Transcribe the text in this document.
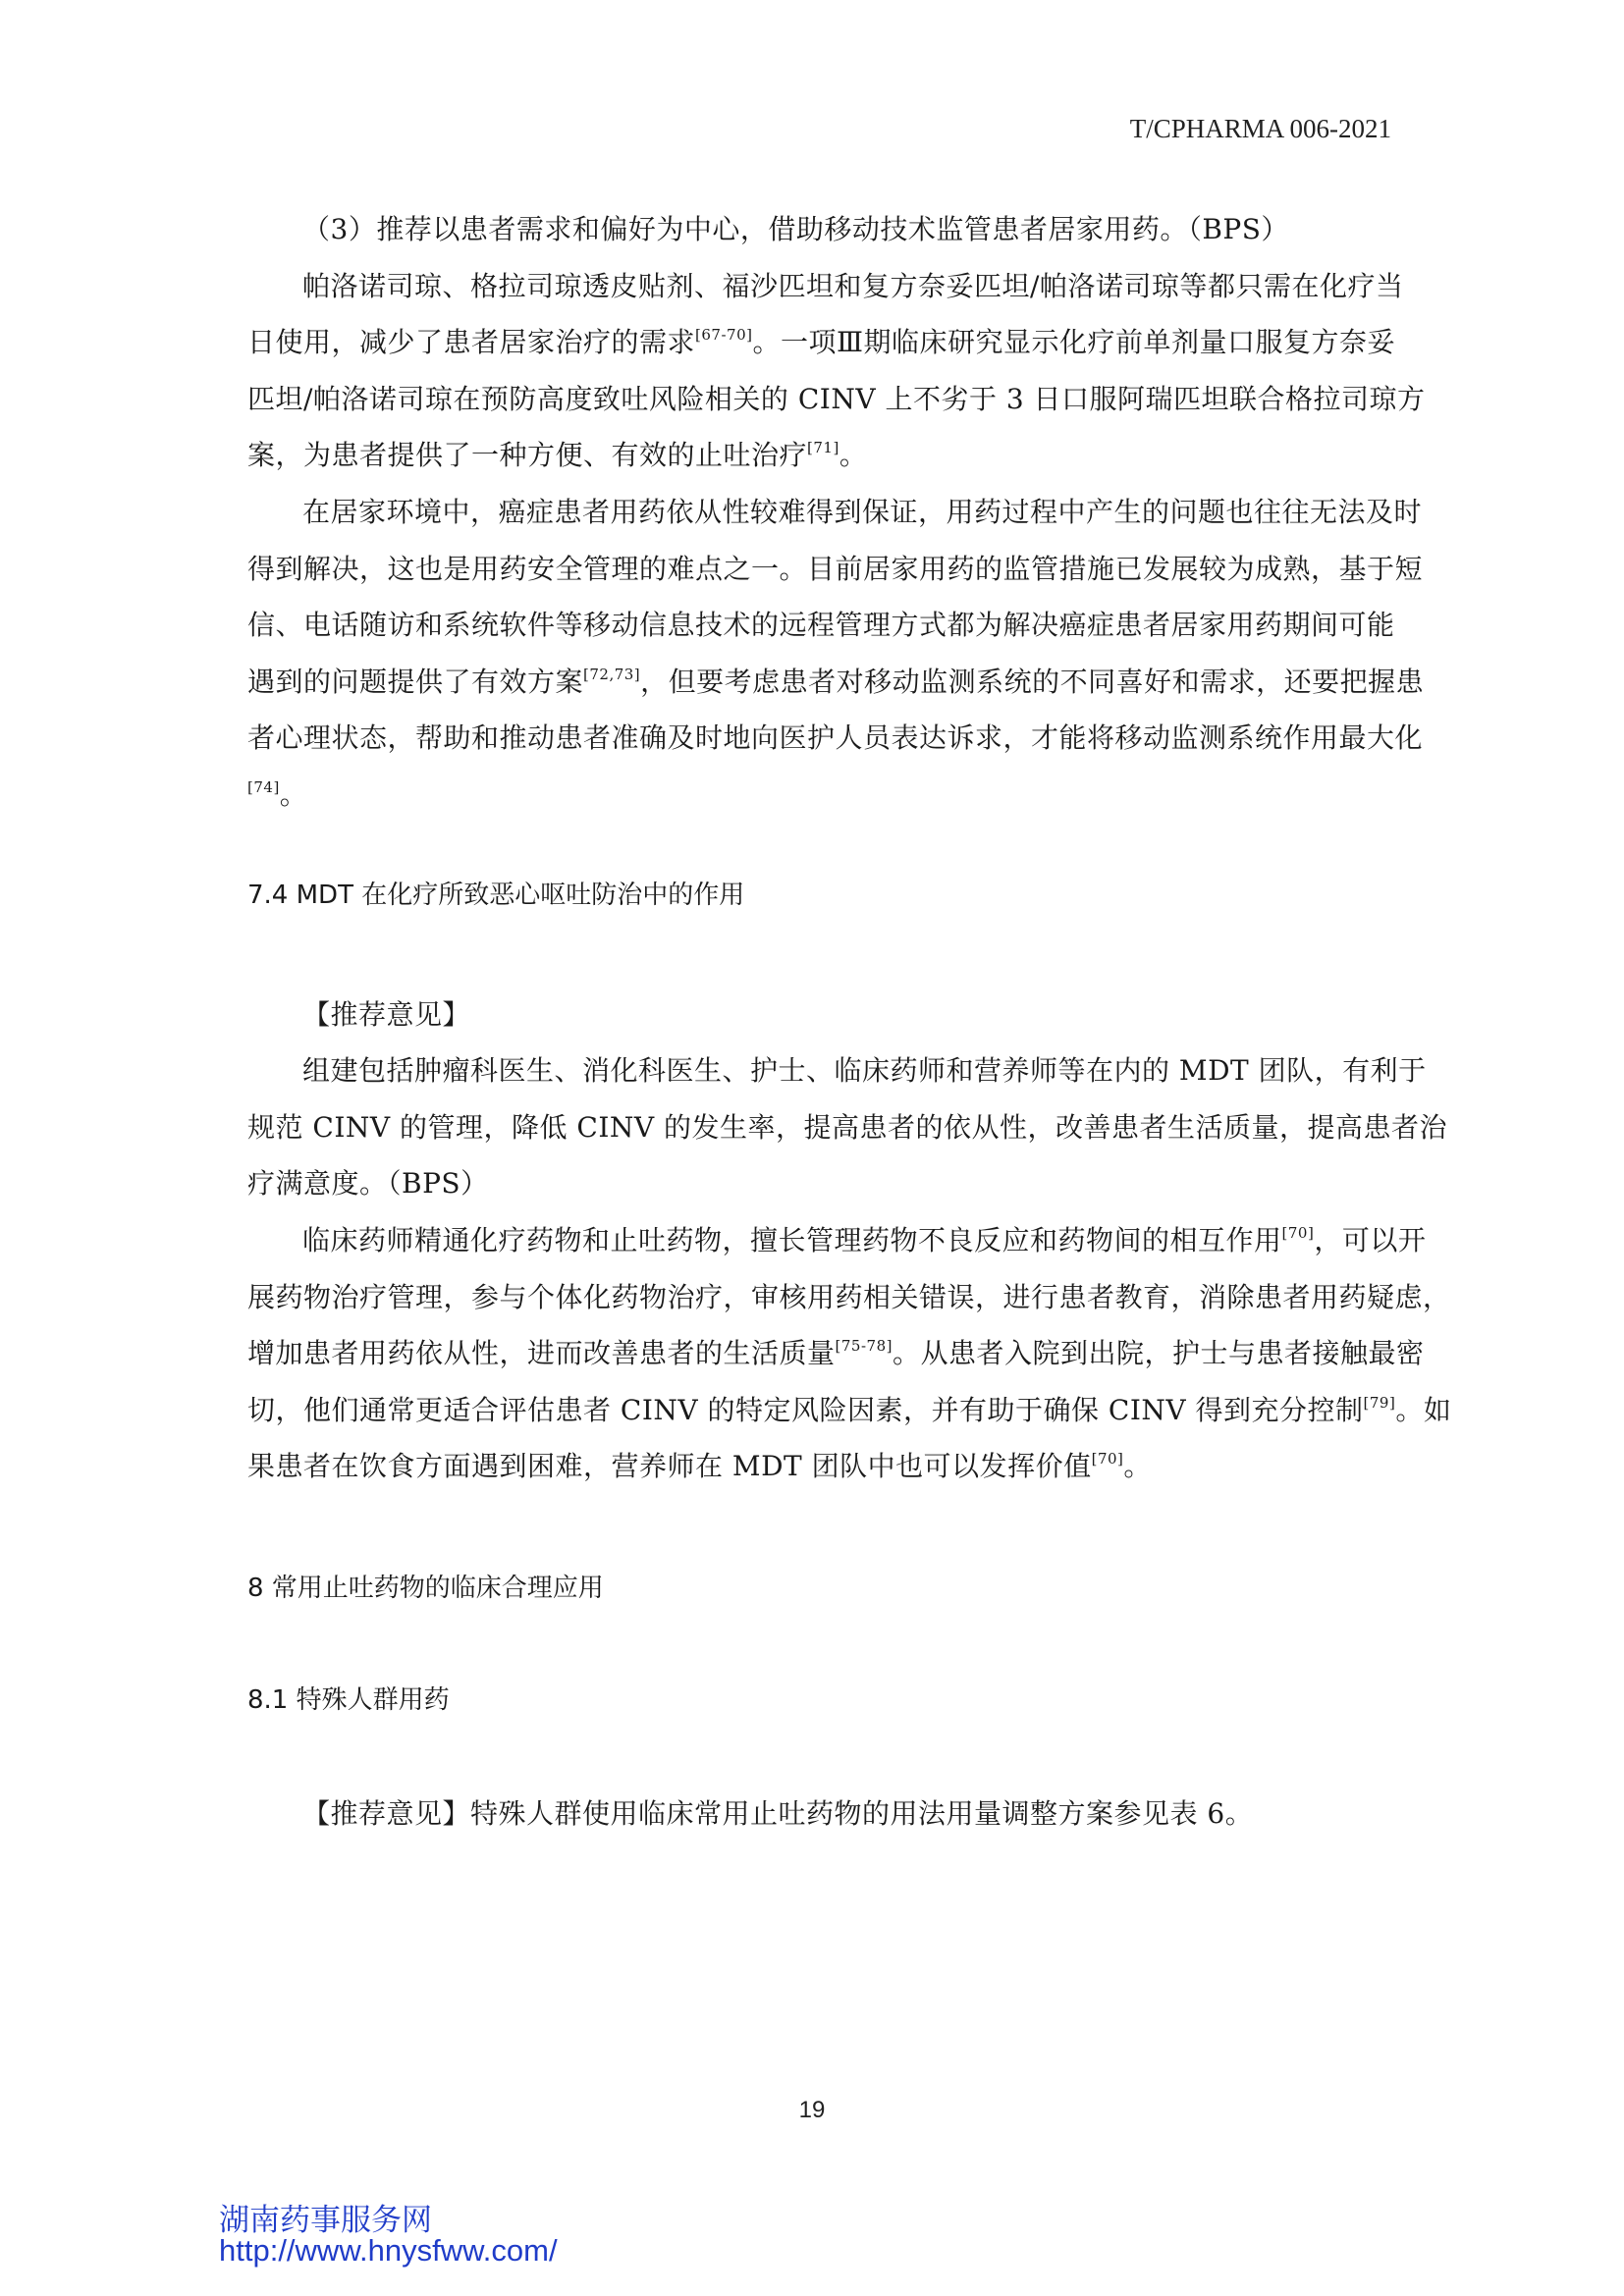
T/CPHARMA 006-2021
（3）推荐以患者需求和偏好为中心，借助移动技术监管患者居家用药。（BPS）
帕洛诺司琼、格拉司琼透皮贴剂、福沙匹坦和复方奈妥匹坦/帕洛诺司琼等都只需在化疗当
日使用，减少了患者居家治疗的需求[67-70]。一项Ⅲ期临床研究显示化疗前单剂量口服复方奈妥
匹坦/帕洛诺司琼在预防高度致吐风险相关的 CINV 上不劣于 3 日口服阿瑞匹坦联合格拉司琼方
案，为患者提供了一种方便、有效的止吐治疗[71]。
在居家环境中，癌症患者用药依从性较难得到保证，用药过程中产生的问题也往往无法及时
得到解决，这也是用药安全管理的难点之一。目前居家用药的监管措施已发展较为成熟，基于短
信、电话随访和系统软件等移动信息技术的远程管理方式都为解决癌症患者居家用药期间可能
遇到的问题提供了有效方案[72,73]，但要考虑患者对移动监测系统的不同喜好和需求，还要把握患
者心理状态，帮助和推动患者准确及时地向医护人员表达诉求，才能将移动监测系统作用最大化
[74]。
7.4 MDT 在化疗所致恶心呕吐防治中的作用
【推荐意见】
组建包括肿瘤科医生、消化科医生、护士、临床药师和营养师等在内的 MDT 团队，有利于
规范 CINV 的管理，降低 CINV 的发生率，提高患者的依从性，改善患者生活质量，提高患者治
疗满意度。（BPS）
临床药师精通化疗药物和止吐药物，擅长管理药物不良反应和药物间的相互作用[70]，可以开
展药物治疗管理，参与个体化药物治疗，审核用药相关错误，进行患者教育，消除患者用药疑虑，
增加患者用药依从性，进而改善患者的生活质量[75-78]。从患者入院到出院，护士与患者接触最密
切，他们通常更适合评估患者 CINV 的特定风险因素，并有助于确保 CINV 得到充分控制[79]。如
果患者在饮食方面遇到困难，营养师在 MDT 团队中也可以发挥价值[70]。
8 常用止吐药物的临床合理应用
8.1 特殊人群用药
【推荐意见】特殊人群使用临床常用止吐药物的用法用量调整方案参见表 6。
19
湖南药事服务网
http://www.hnysfww.com/
